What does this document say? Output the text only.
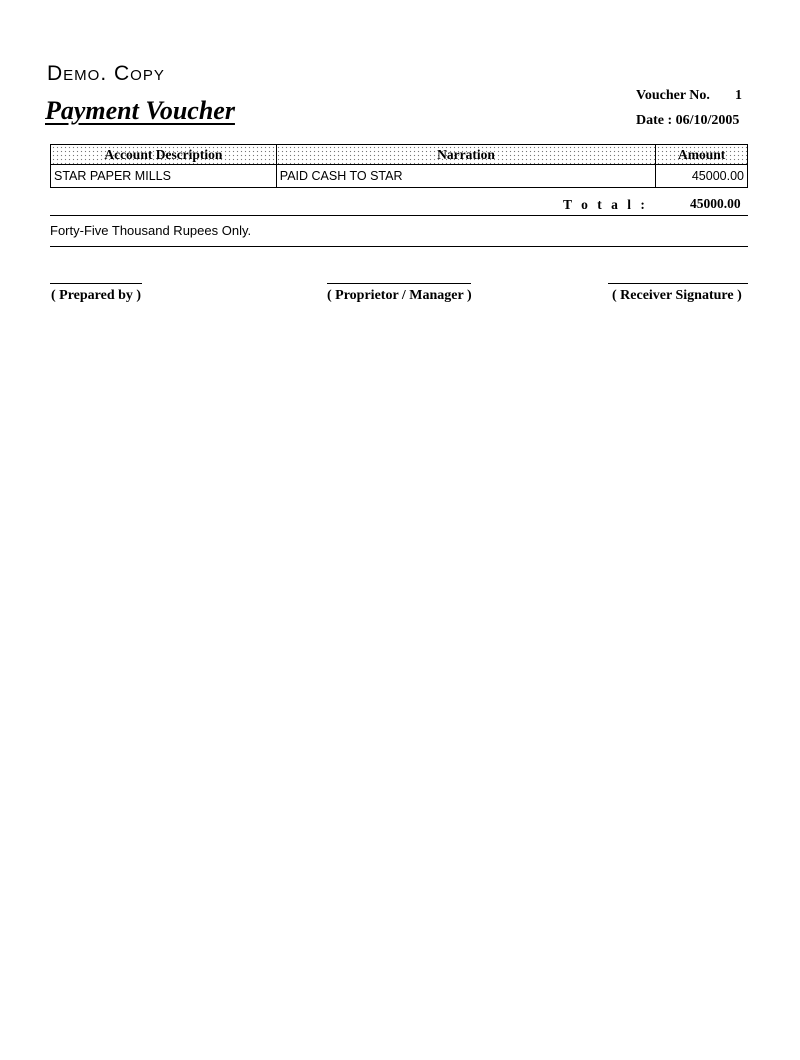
Demo. Copy
Payment Voucher
Voucher No. 1
Date : 06/10/2005
Account Description	Narration	Amount
STAR PAPER MILLS	PAID CASH TO STAR	45000.00
T o t a l :	45000.00
Forty-Five Thousand Rupees Only.
( Prepared by )	( Proprietor / Manager )	( Receiver Signature )
